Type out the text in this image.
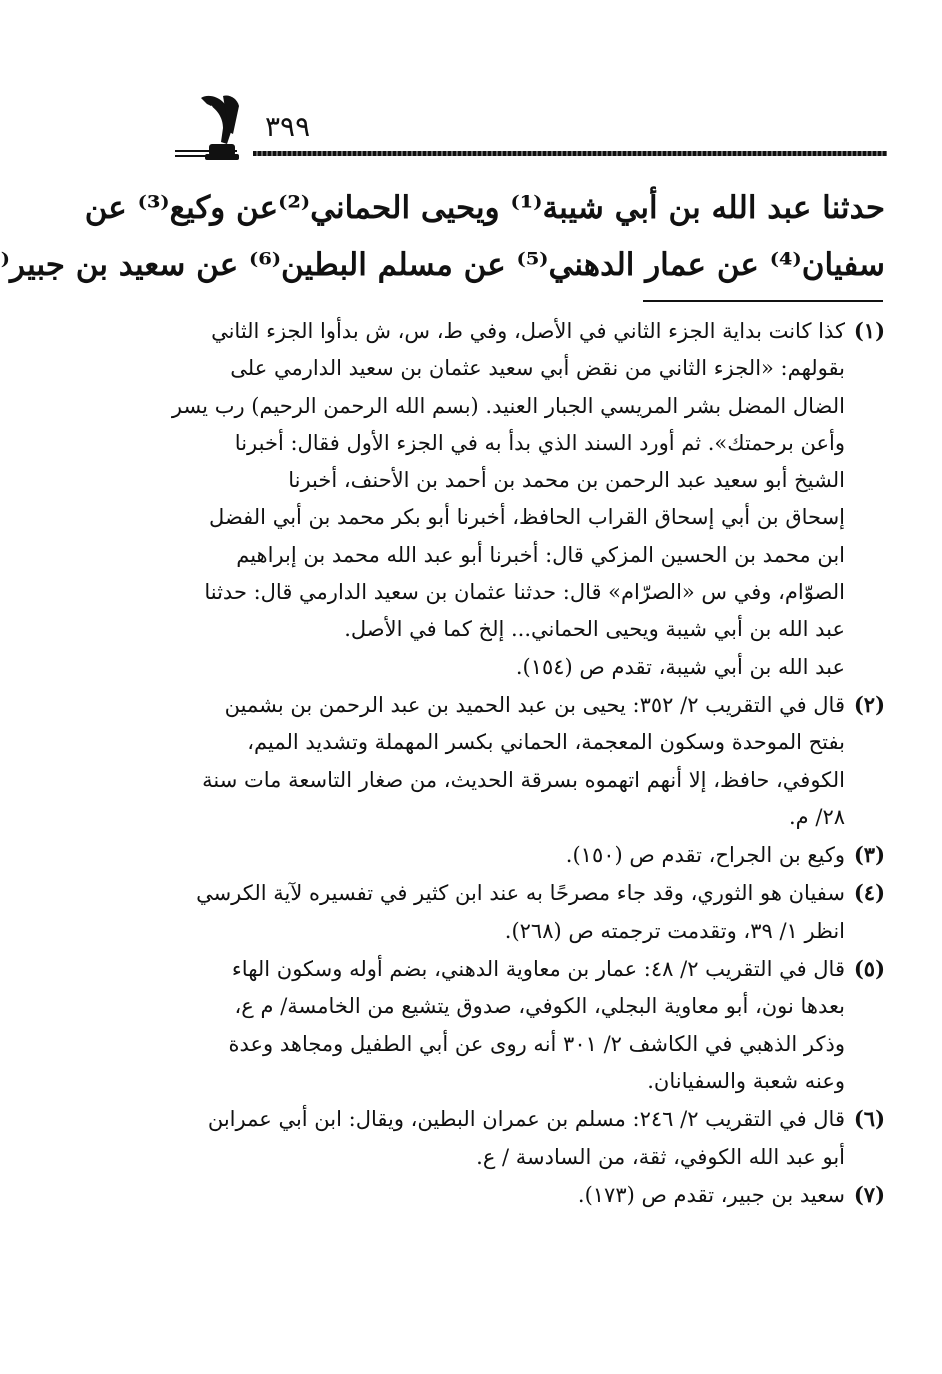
٣٩٩
حدثنا عبد الله بن أبي شيبة⁽¹⁾ ويحيى الحماني⁽²⁾عن وكيع⁽³⁾ عن
سفيان⁽⁴⁾ عن عمار الدهني⁽⁵⁾ عن مسلم البطين⁽⁶⁾ عن سعيد بن جبير⁽
(١)كذا كانت بداية الجزء الثاني في الأصل، وفي ط، س، ش بدأوا الجزء الثاني
بقولهم: «الجزء الثاني من نقض أبي سعيد عثمان بن سعيد الدارمي على
الضال المضل بشر المريسي الجبار العنيد. (بسم الله الرحمن الرحيم) رب يسر
وأعن برحمتك». ثم أورد السند الذي بدأ به في الجزء الأول فقال: أخبرنا
الشيخ أبو سعيد عبد الرحمن بن محمد بن أحمد بن الأحنف، أخبرنا
إسحاق بن أبي إسحاق القراب الحافظ، أخبرنا أبو بكر محمد بن أبي الفضل
ابن محمد بن الحسين المزكي قال: أخبرنا أبو عبد الله محمد بن إبراهيم
الصوّام، وفي س «الصرّام» قال: حدثنا عثمان بن سعيد الدارمي قال: حدثنا
عبد الله بن أبي شيبة ويحيى الحماني... إلخ كما في الأصل.
عبد الله بن أبي شيبة، تقدم ص (١٥٤).
(٢)قال في التقريب ٢/ ٣٥٢: يحيى بن عبد الحميد بن عبد الرحمن بن بشمين
بفتح الموحدة وسكون المعجمة، الحماني بكسر المهملة وتشديد الميم،
الكوفي، حافظ، إلا أنهم اتهموه بسرقة الحديث، من صغار التاسعة مات سنة
٢٨/ م.
(٣)وكيع بن الجراح، تقدم ص (١٥٠).
(٤)سفيان هو الثوري، وقد جاء مصرحًا به عند ابن كثير في تفسيره لآية الكرسي
انظر ١/ ٣٩، وتقدمت ترجمته ص (٢٦٨).
(٥)قال في التقريب ٢/ ٤٨: عمار بن معاوية الدهني، بضم أوله وسكون الهاء
بعدها نون، أبو معاوية البجلي، الكوفي، صدوق يتشيع من الخامسة/ م ع،
وذكر الذهبي في الكاشف ٢/ ٣٠١ أنه روى عن أبي الطفيل ومجاهد وعدة
وعنه شعبة والسفيانان.
(٦)قال في التقريب ٢/ ٢٤٦: مسلم بن عمران البطين، ويقال: ابن أبي عمرابن
أبو عبد الله الكوفي، ثقة، من السادسة / ع.
(٧)سعيد بن جبير، تقدم ص (١٧٣).
